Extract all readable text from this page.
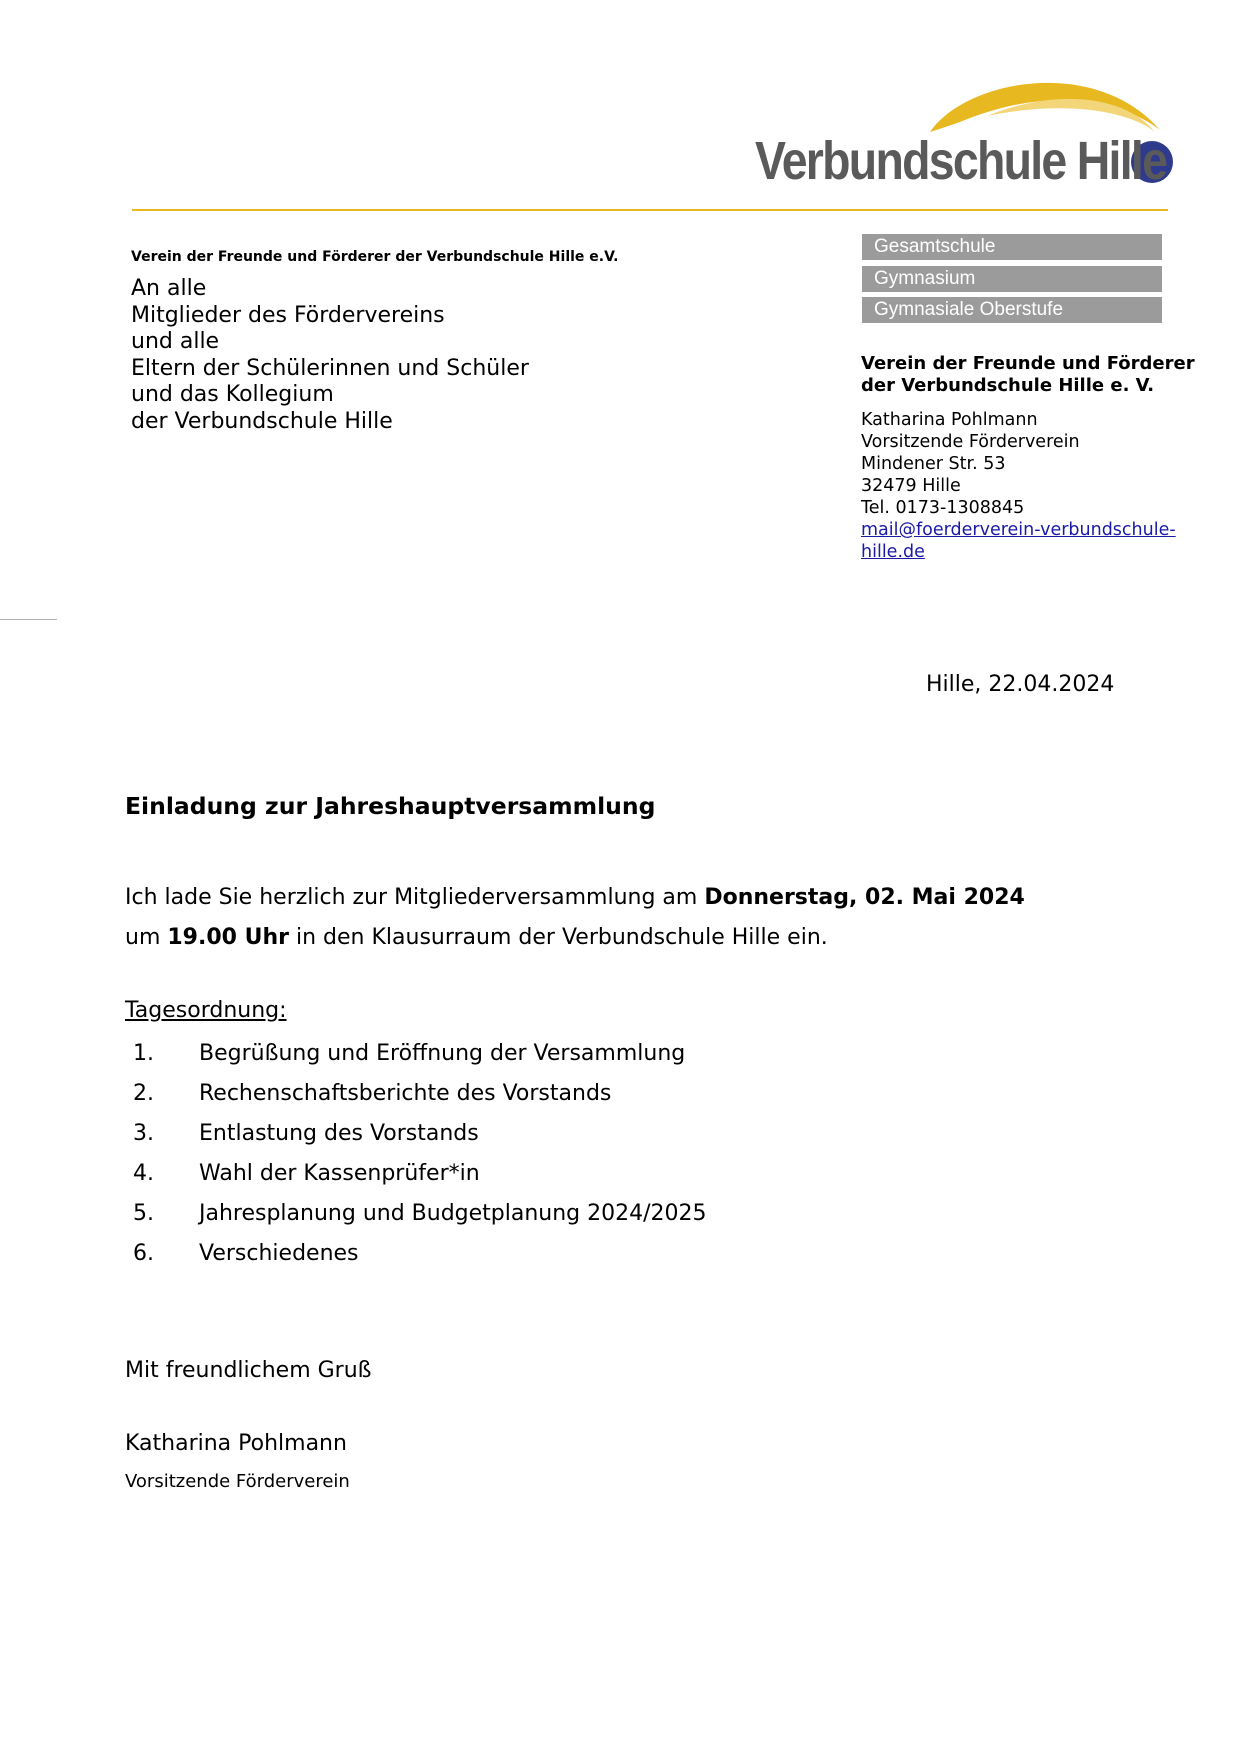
Verbundschule Hille
Verein der Freunde und Förderer der Verbundschule Hille e.V.
An alle
Mitglieder des Fördervereins
und alle
Eltern der Schülerinnen und Schüler
und das Kollegium
der Verbundschule Hille
Gesamtschule
Gymnasium
Gymnasiale Oberstufe
Verein der Freunde und Förderer
der Verbundschule Hille e. V.
Katharina Pohlmann
Vorsitzende Förderverein
Mindener Str. 53
32479 Hille
Tel. 0173-1308845
mail@foerderverein-verbundschule-
hille.de
Hille, 22.04.2024
Einladung zur Jahreshauptversammlung
Ich lade Sie herzlich zur Mitgliederversammlung am Donnerstag, 02. Mai 2024
um 19.00 Uhr in den Klausurraum der Verbundschule Hille ein.
Tagesordnung:
1. Begrüßung und Eröffnung der Versammlung
2. Rechenschaftsberichte des Vorstands
3. Entlastung des Vorstands
4. Wahl der Kassenprüfer*in
5. Jahresplanung und Budgetplanung 2024/2025
6. Verschiedenes
Mit freundlichem Gruß
Katharina Pohlmann
Vorsitzende Förderverein
